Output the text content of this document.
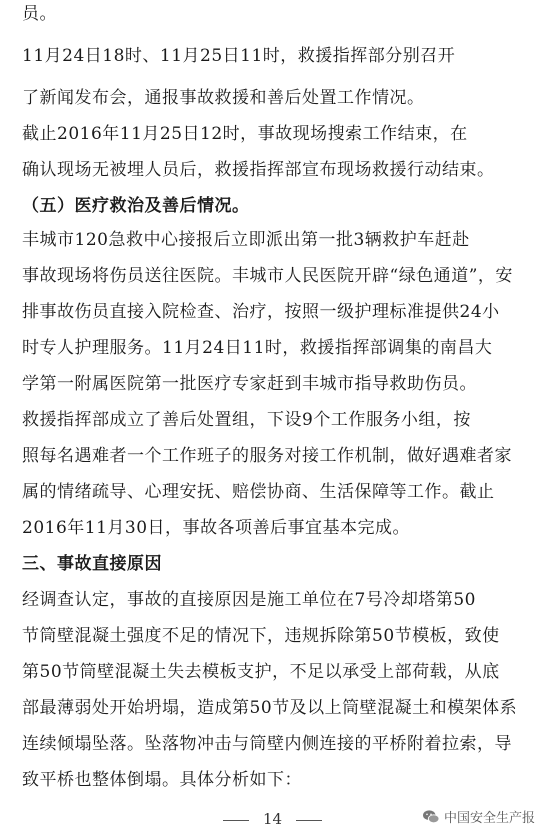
员。
11月24日18时、11月25日11时，救援指挥部分别召开
了新闻发布会，通报事故救援和善后处置工作情况。
截止2016年11月25日12时，事故现场搜索工作结束，在
确认现场无被埋人员后，救援指挥部宣布现场救援行动结束。
（五）医疗救治及善后情况。
丰城市120急救中心接报后立即派出第一批3辆救护车赶赴
事故现场将伤员送往医院。丰城市人民医院开辟“绿色通道”，安
排事故伤员直接入院检查、治疗，按照一级护理标准提供24小
时专人护理服务。11月24日11时，救援指挥部调集的南昌大
学第一附属医院第一批医疗专家赶到丰城市指导救助伤员。
救援指挥部成立了善后处置组，下设9个工作服务小组，按
照每名遇难者一个工作班子的服务对接工作机制，做好遇难者家
属的情绪疏导、心理安抚、赔偿协商、生活保障等工作。截止
2016年11月30日，事故各项善后事宜基本完成。
三、事故直接原因
经调查认定，事故的直接原因是施工单位在7号冷却塔第50
节筒壁混凝土强度不足的情况下，违规拆除第50节模板，致使
第50节筒壁混凝土失去模板支护，不足以承受上部荷载，从底
部最薄弱处开始坍塌，造成第50节及以上筒壁混凝土和模架体系
连续倾塌坠落。坠落物冲击与筒壁内侧连接的平桥附着拉索，导
致平桥也整体倒塌。具体分析如下：
14	中国安全生产报
